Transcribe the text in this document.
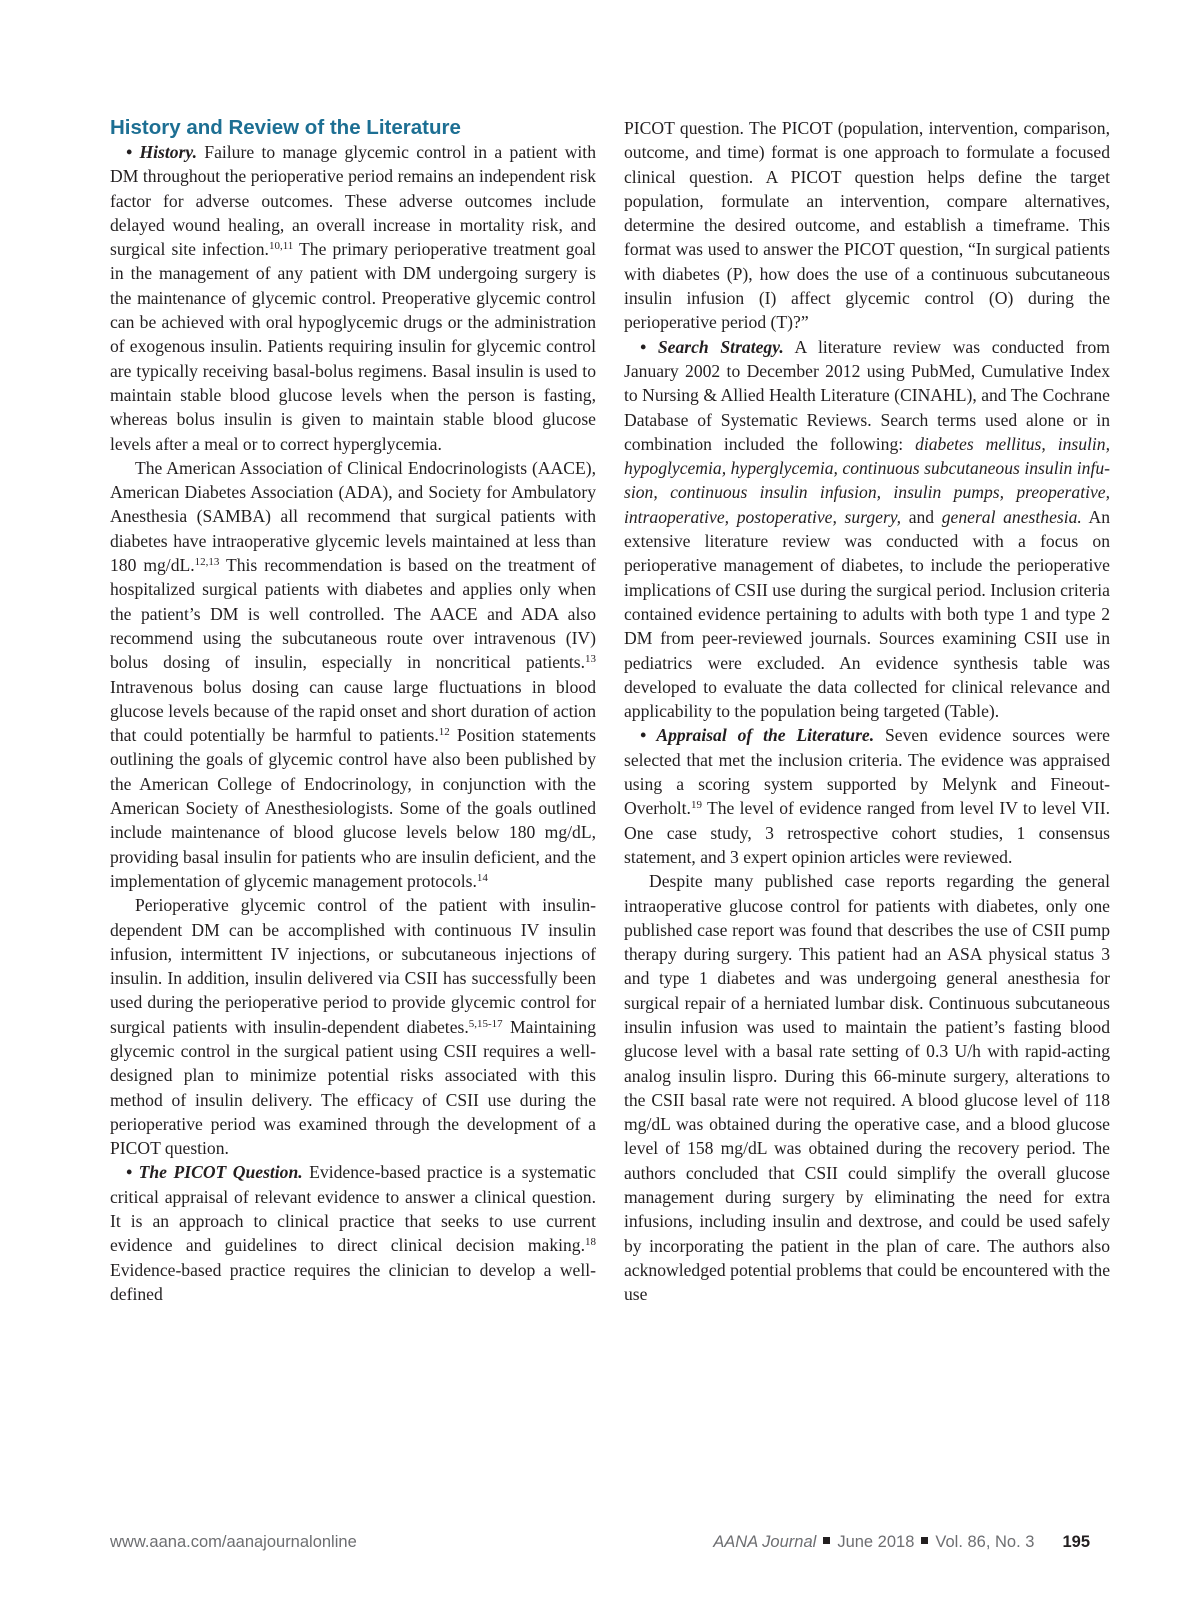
History and Review of the Literature

• History. Failure to manage glycemic control in a patient with DM throughout the perioperative period remains an independent risk factor for adverse outcomes. These adverse outcomes include delayed wound healing, an overall increase in mortality risk, and surgical site infection.$^{10,11}$ The primary perioperative treatment goal in the management of any patient with DM undergoing surgery is the maintenance of glycemic control. Preoperative glycemic control can be achieved with oral hypoglycemic drugs or the administration of exogenous insulin. Patients requiring insulin for glycemic control are typically receiving basal-bolus regimens. Basal insulin is used to maintain stable blood glucose levels when the person is fasting, whereas bolus insulin is given to maintain stable blood glucose levels after a meal or to correct hyperglycemia.

The American Association of Clinical Endocrinologists (AACE), American Diabetes Association (ADA), and Society for Ambulatory Anesthesia (SAMBA) all recommend that surgical patients with diabetes have intraoperative glycemic levels maintained at less than 180 mg/dL.$^{12,13}$ This recommendation is based on the treatment of hospitalized surgical patients with diabetes and applies only when the patient’s DM is well controlled. The AACE and ADA also recommend using the subcutaneous route over intravenous (IV) bolus dosing of insulin, especially in noncritical patients.$^{13}$ Intravenous bolus dosing can cause large fluctuations in blood glucose levels because of the rapid onset and short duration of action that could potentially be harmful to patients.$^{12}$ Position statements outlining the goals of glycemic control have also been published by the American College of Endocrinology, in conjunction with the American Society of Anesthesiologists. Some of the goals outlined include maintenance of blood glucose levels below 180 mg/dL, providing basal insulin for patients who are insulin deficient, and the implementation of glycemic management protocols.$^{14}$

Perioperative glycemic control of the patient with insulin-dependent DM can be accomplished with continuous IV insulin infusion, intermittent IV injections, or subcutaneous injections of insulin. In addition, insulin delivered via CSII has successfully been used during the perioperative period to provide glycemic control for surgical patients with insulin-dependent diabetes.$^{5,15-17}$ Maintaining glycemic control in the surgical patient using CSII requires a well-designed plan to minimize potential risks associated with this method of insulin delivery. The efficacy of CSII use during the perioperative period was examined through the development of a PICOT question.

• The PICOT Question. Evidence-based practice is a systematic critical appraisal of relevant evidence to answer a clinical question. It is an approach to clinical practice that seeks to use current evidence and guidelines to direct clinical decision making.$^{18}$ Evidence-based practice requires the clinician to develop a well-defined

PICOT question. The PICOT (population, intervention, comparison, outcome, and time) format is one approach to formulate a focused clinical question. A PICOT question helps define the target population, formulate an intervention, compare alternatives, determine the desired outcome, and establish a timeframe. This format was used to answer the PICOT question, “In surgical patients with diabetes (P), how does the use of a continuous subcutaneous insulin infusion (I) affect glycemic control (O) during the perioperative period (T)?”

• Search Strategy. A literature review was conducted from January 2002 to December 2012 using PubMed, Cumulative Index to Nursing & Allied Health Literature (CINAHL), and The Cochrane Database of Systematic Reviews. Search terms used alone or in combination included the following: diabetes mellitus, insulin, hypoglycemia, hyperglycemia, continuous subcutaneous insulin infusion, continuous insulin infusion, insulin pumps, preoperative, intraoperative, postoperative, surgery, and general anesthesia. An extensive literature review was conducted with a focus on perioperative management of diabetes, to include the perioperative implications of CSII use during the surgical period. Inclusion criteria contained evidence pertaining to adults with both type 1 and type 2 DM from peer-reviewed journals. Sources examining CSII use in pediatrics were excluded. An evidence synthesis table was developed to evaluate the data collected for clinical relevance and applicability to the population being targeted (Table).

• Appraisal of the Literature. Seven evidence sources were selected that met the inclusion criteria. The evidence was appraised using a scoring system supported by Melynk and Fineout-Overholt.$^{19}$ The level of evidence ranged from level IV to level VII. One case study, 3 retrospective cohort studies, 1 consensus statement, and 3 expert opinion articles were reviewed.

Despite many published case reports regarding the general intraoperative glucose control for patients with diabetes, only one published case report was found that describes the use of CSII pump therapy during surgery. This patient had an ASA physical status 3 and type 1 diabetes and was undergoing general anesthesia for surgical repair of a herniated lumbar disk. Continuous subcutaneous insulin infusion was used to maintain the patient’s fasting blood glucose level with a basal rate setting of 0.3 U/h with rapid-acting analog insulin lispro. During this 66-minute surgery, alterations to the CSII basal rate were not required. A blood glucose level of 118 mg/dL was obtained during the operative case, and a blood glucose level of 158 mg/dL was obtained during the recovery period. The authors concluded that CSII could simplify the overall glucose management during surgery by eliminating the need for extra infusions, including insulin and dextrose, and could be used safely by incorporating the patient in the plan of care. The authors also acknowledged potential problems that could be encountered with the use

www.aana.com/aanajournalonline	AANA Journal June 2018 Vol. 86, No. 3 195
